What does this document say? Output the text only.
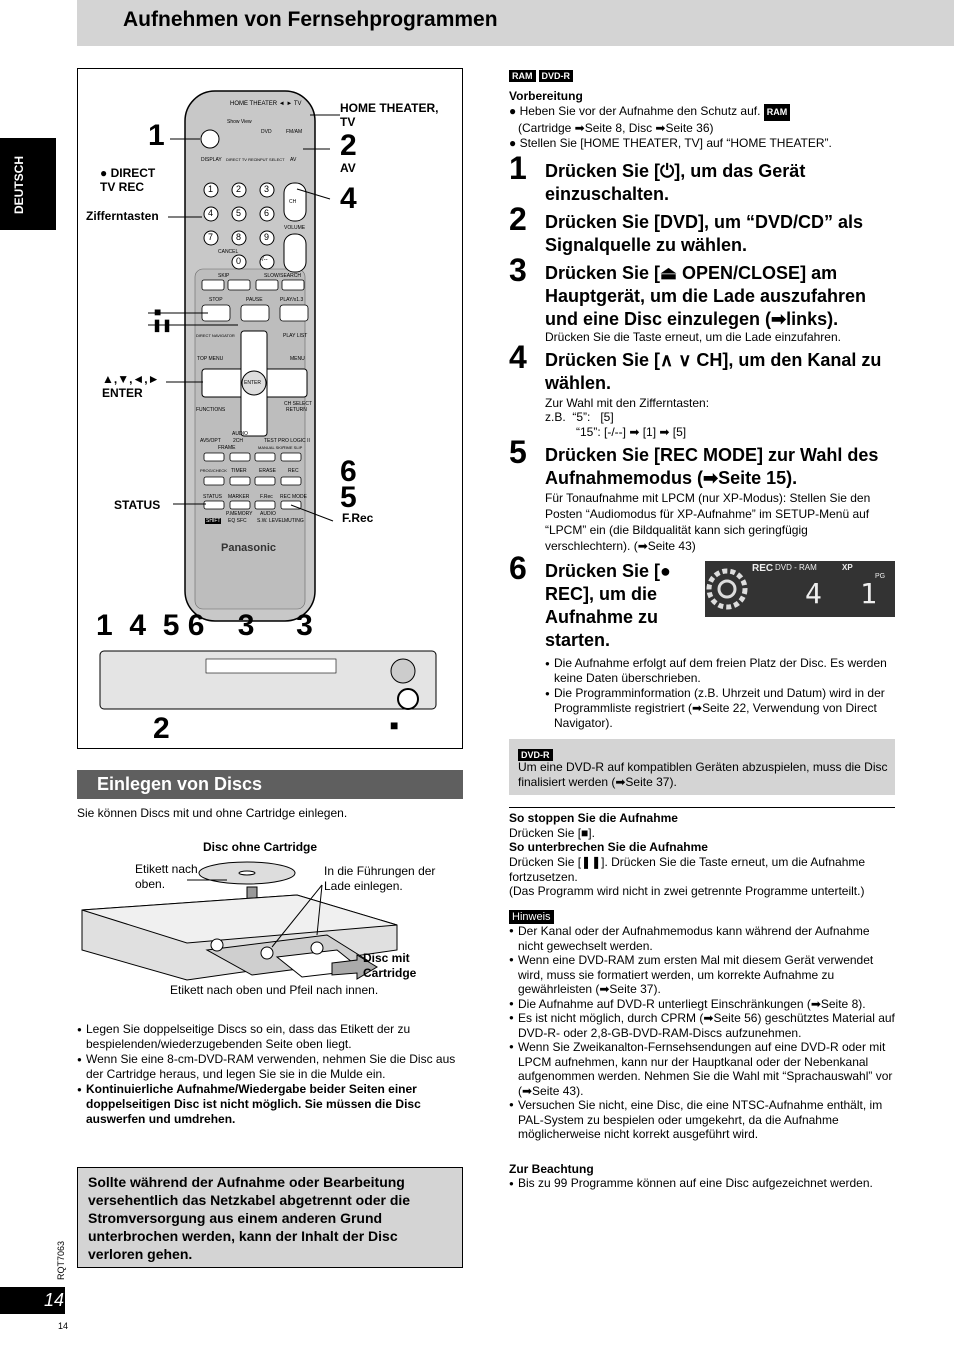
Aufnehmen von Fernsehprogrammen
DEUTSCH
HOME THEATER ◄ ► TV
Show View
DVD	FM/AM
DISPLAY DIRECT TV REC INPUT SELECT AV
CH
VOLUME
1	2	3
4	5	6
7	8	9
0	-/--
CANCEL
SKIP	SLOW/SEARCH
STOP	PAUSE	PLAY/x1.3
DIRECT NAVIGATOR
TOP MENU
PLAY LIST
MENU
ENTER
FUNCTIONS
CH SELECT
RETURN
AUDIO
2CH	TEST PRO LOGIC II
AV5/OPT
FRAME	MANUAL SKIP
TIME SLIP
PROG/CHECK TIMER ERASE REC
STATUS MARKER F.Rec REC MODE
P.MEMORY
EQ SFC
AUDIO
S.W. LEVEL MUTING
SHIFT
Panasonic
1
HOME THEATER, TV
2
AV
4
● DIRECT TV REC
Zifferntasten
■
❚❚
▲,▼,◄,► ENTER
STATUS
6
5
F.Rec
1  4  5 6    3     3
2	■
Einlegen von Discs
Sie können Discs mit und ohne Cartridge einlegen.
Disc ohne Cartridge
Etikett nach oben.
In die Führungen der Lade einlegen.
Disc mit Cartridge
Etikett nach oben und Pfeil nach innen.
● Legen Sie doppelseitige Discs so ein, dass das Etikett der zu bespielenden/wiederzugebenden Seite oben liegt.
● Wenn Sie eine 8-cm-DVD-RAM verwenden, nehmen Sie die Disc aus der Cartridge heraus, und legen Sie sie in die Mulde ein.
● Kontinuierliche Aufnahme/Wiedergabe beider Seiten einer doppelseitigen Disc ist nicht möglich. Sie müssen die Disc auswerfen und umdrehen.
Sollte während der Aufnahme oder Bearbeitung versehentlich das Netzkabel abgetrennt oder die Stromversorgung aus einem anderen Grund unterbrochen werden, kann der Inhalt der Disc verloren gehen.
RQT7063
14
14
RAM DVD-R
Vorbereitung
● Heben Sie vor der Aufnahme den Schutz auf. RAM
(Cartridge ➡Seite 8, Disc ➡Seite 36)
● Stellen Sie [HOME THEATER, TV] auf “HOME THEATER”.
1 Drücken Sie [⏻], um das Gerät einzuschalten.
2 Drücken Sie [DVD], um “DVD/CD” als Signalquelle zu wählen.
3 Drücken Sie [⏏ OPEN/CLOSE] am Hauptgerät, um die Lade auszufahren und eine Disc einzulegen (➡links).
Drücken Sie die Taste erneut, um die Lade einzufahren.
4 Drücken Sie [∧ ∨ CH], um den Kanal zu wählen.
Zur Wahl mit den Zifferntasten:
z.B.  “5”:   [5]
“15”: [-/--] ➡ [1] ➡ [5]
5 Drücken Sie [REC MODE] zur Wahl des Aufnahmemodus (➡Seite 15).
Für Tonaufnahme mit LPCM (nur XP-Modus): Stellen Sie den Posten “Audiomodus für XP-Aufnahme” im SETUP-Menü auf “LPCM” ein (die Bildqualität kann sich geringfügig verschlechtern). (➡Seite 43)
6 Drücken Sie [● REC], um die Aufnahme zu starten.
REC DVD - RAM	XP
PG
4 1
● Die Aufnahme erfolgt auf dem freien Platz der Disc. Es werden keine Daten überschrieben.
● Die Programminformation (z.B. Uhrzeit und Datum) wird in der Programmliste registriert (➡Seite 22, Verwendung von Direct Navigator).
DVD-R
Um eine DVD-R auf kompatiblen Geräten abzuspielen, muss die Disc finalisiert werden (➡Seite 37).
So stoppen Sie die Aufnahme
Drücken Sie [■].
So unterbrechen Sie die Aufnahme
Drücken Sie [❚❚]. Drücken Sie die Taste erneut, um die Aufnahme fortzusetzen.
(Das Programm wird nicht in zwei getrennte Programme unterteilt.)
Hinweis
● Der Kanal oder der Aufnahmemodus kann während der Aufnahme nicht gewechselt werden.
● Wenn eine DVD-RAM zum ersten Mal mit diesem Gerät verwendet wird, muss sie formatiert werden, um korrekte Aufnahme zu gewährleisten (➡Seite 37).
● Die Aufnahme auf DVD-R unterliegt Einschränkungen (➡Seite 8).
● Es ist nicht möglich, durch CPRM (➡Seite 56) geschütztes Material auf DVD-R- oder 2,8-GB-DVD-RAM-Discs aufzunehmen.
● Wenn Sie Zweikanalton-Fernsehsendungen auf eine DVD-R oder mit LPCM aufnehmen, kann nur der Hauptkanal oder der Nebenkanal aufgenommen werden. Nehmen Sie die Wahl mit “Sprachauswahl” vor (➡Seite 43).
● Versuchen Sie nicht, eine Disc, die eine NTSC-Aufnahme enthält, im PAL-System zu bespielen oder umgekehrt, da die Aufnahme möglicherweise nicht korrekt ausgeführt wird.
Zur Beachtung
● Bis zu 99 Programme können auf eine Disc aufgezeichnet werden.
